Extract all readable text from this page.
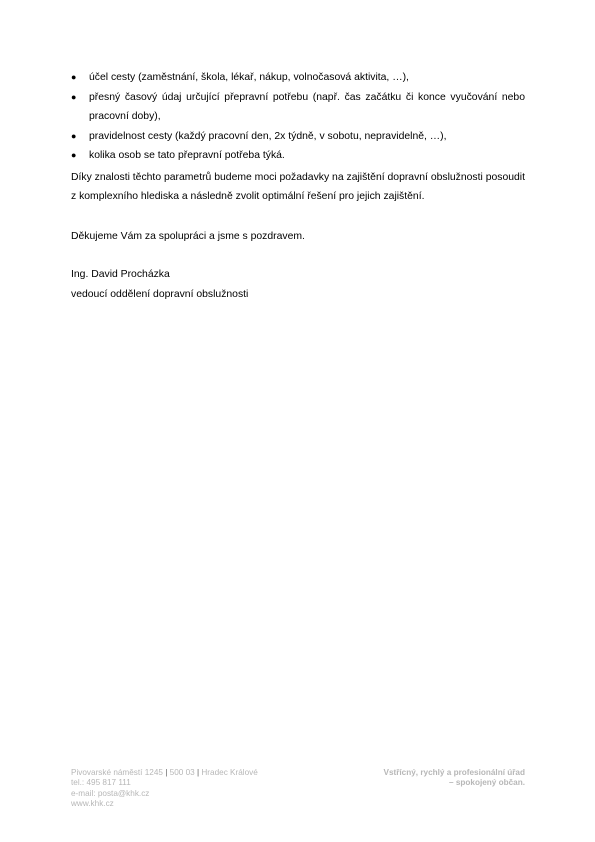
●	účel cesty (zaměstnání, škola, lékař, nákup, volnočasová aktivita, …),
●	přesný časový údaj určující přepravní potřebu (např. čas začátku či konce vyučování nebo pracovní doby),
●	pravidelnost cesty (každý pracovní den, 2x týdně, v sobotu, nepravidelně, …),
●	kolika osob se tato přepravní potřeba týká.

Díky znalosti těchto parametrů budeme moci požadavky na zajištění dopravní obslužnosti posoudit z komplexního hlediska a následně zvolit optimální řešení pro jejich zajištění.

Děkujeme Vám za spolupráci a jsme s pozdravem.

Ing. David Procházka

vedoucí oddělení dopravní obslužnosti

Pivovarské náměstí 1245 | 500 03 | Hradec Králové
tel.: 495 817 111
e-mail: posta@khk.cz
www.khk.cz
Vstřícný, rychlý a profesionální úřad
– spokojený občan.
